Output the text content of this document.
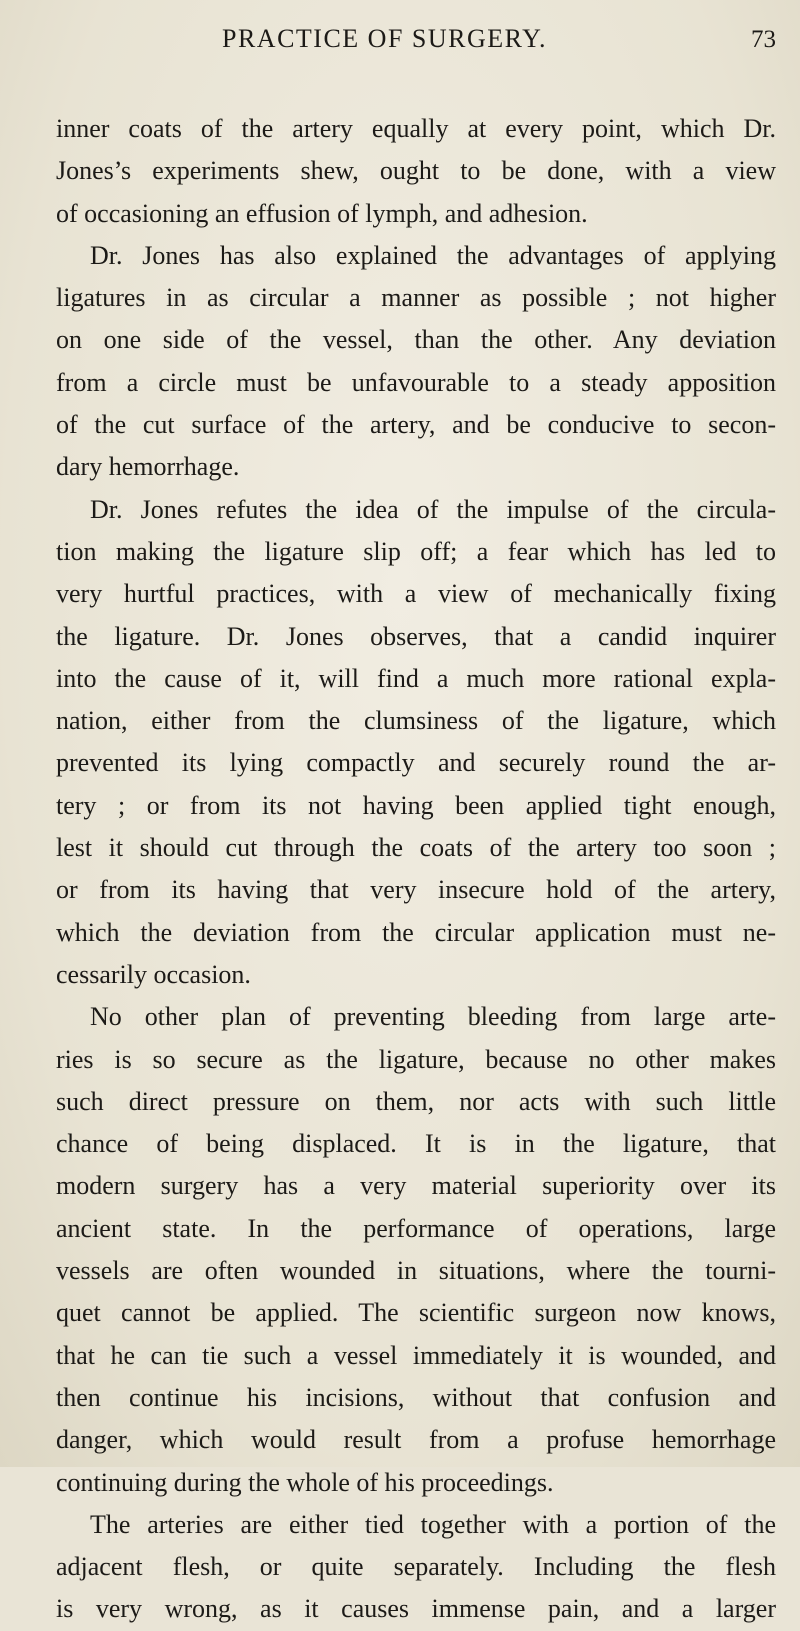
PRACTICE OF SURGERY.	73
inner coats of the artery equally at every point, which Dr.
Jones’s experiments shew, ought to be done, with a view
of occasioning an effusion of lymph, and adhesion.
Dr. Jones has also explained the advantages of applying
ligatures in as circular a manner as possible ; not higher
on one side of the vessel, than the other. Any deviation
from a circle must be unfavourable to a steady apposition
of the cut surface of the artery, and be conducive to secon-
dary hemorrhage.
Dr. Jones refutes the idea of the impulse of the circula-
tion making the ligature slip off; a fear which has led to
very hurtful practices, with a view of mechanically fixing
the ligature. Dr. Jones observes, that a candid inquirer
into the cause of it, will find a much more rational expla-
nation, either from the clumsiness of the ligature, which
prevented its lying compactly and securely round the ar-
tery ; or from its not having been applied tight enough,
lest it should cut through the coats of the artery too soon ;
or from its having that very insecure hold of the artery,
which the deviation from the circular application must ne-
cessarily occasion.
No other plan of preventing bleeding from large arte-
ries is so secure as the ligature, because no other makes
such direct pressure on them, nor acts with such little
chance of being displaced. It is in the ligature, that
modern surgery has a very material superiority over its
ancient state. In the performance of operations, large
vessels are often wounded in situations, where the tourni-
quet cannot be applied. The scientific surgeon now knows,
that he can tie such a vessel immediately it is wounded, and
then continue his incisions, without that confusion and
danger, which would result from a profuse hemorrhage
continuing during the whole of his proceedings.
The arteries are either tied together with a portion of the
adjacent flesh, or quite separately. Including the flesh
is very wrong, as it causes immense pain, and a larger
